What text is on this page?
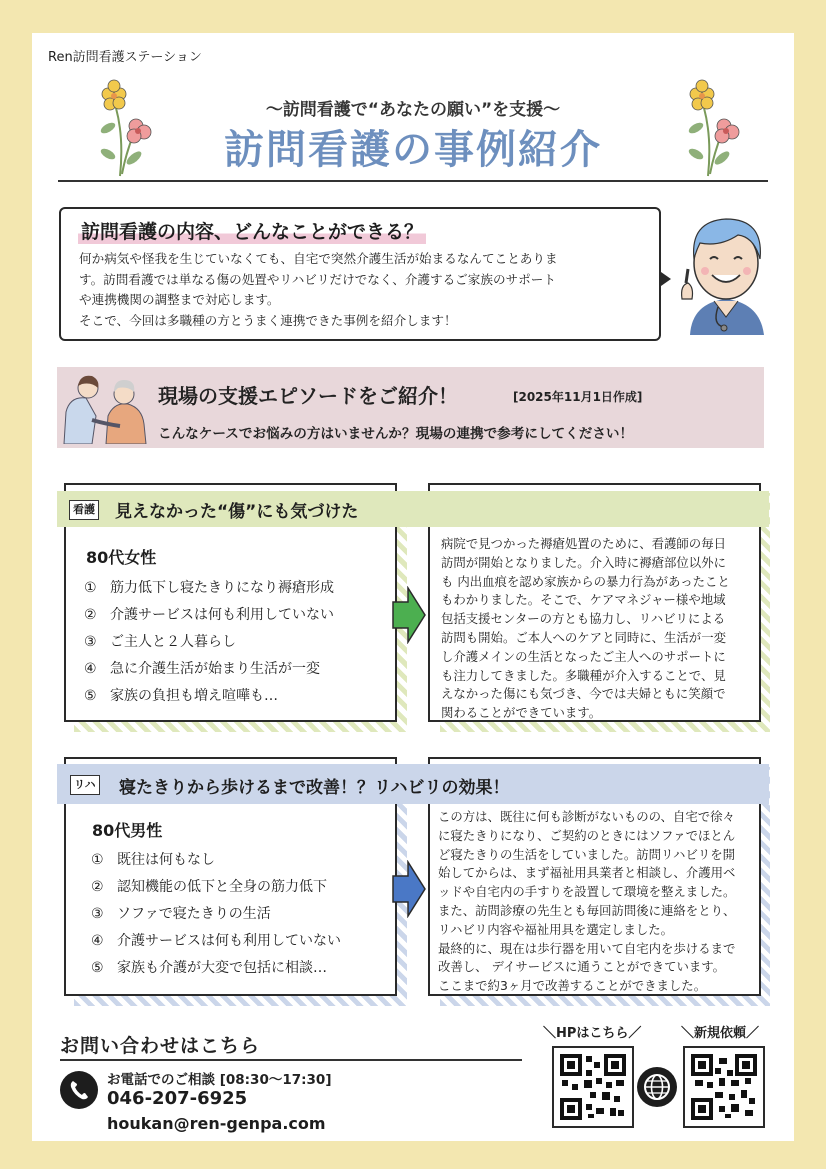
Ren訪問看護ステーション
〜訪問看護で“あなたの願い”を支援〜
訪問看護の事例紹介
訪問看護の内容、どんなことができる？
何か病気や怪我を生じていなくても、自宅で突然介護生活が始まるなんてことありま
す。訪問看護では単なる傷の処置やリハビリだけでなく、介護するご家族のサポート
や連携機関の調整まで対応します。
そこで、今回は多職種の方とうまく連携できた事例を紹介します！
現場の支援エピソードをご紹介！	[2025年11月1日作成]
こんなケースでお悩みの方はいませんか？現場の連携で参考にしてください！
看護 見えなかった“傷”にも気づけた
80代女性
① 筋力低下し寝たきりになり褥瘡形成
② 介護サービスは何も利用していない
③ ご主人と２人暮らし
④ 急に介護生活が始まり生活が一変
⑤ 家族の負担も増え喧嘩も…
病院で見つかった褥瘡処置のために、看護師の毎日
訪問が開始となりました。介入時に褥瘡部位以外に
も 内出血痕を認め家族からの暴力行為があったこと
もわかりました。そこで、ケアマネジャー様や地域
包括支援センターの方とも協力し、リハビリによる
訪問も開始。ご本人へのケアと同時に、生活が一変
し介護メインの生活となったご主人へのサポートに
も注力してきました。多職種が介入することで、見
えなかった傷にも気づき、今では夫婦ともに笑顔で
関わることができています。
リハ 寝たきりから歩けるまで改善！？リハビリの効果！
80代男性
① 既往は何もなし
② 認知機能の低下と全身の筋力低下
③ ソファで寝たきりの生活
④ 介護サービスは何も利用していない
⑤ 家族も介護が大変で包括に相談…
この方は、既往に何も診断がないものの、自宅で徐々
に寝たきりになり、ご契約のときにはソファでほとん
ど寝たきりの生活をしていました。訪問リハビリを開
始してからは、まず福祉用具業者と相談し、介護用ベ
ッドや自宅内の手すりを設置して環境を整えました。
また、訪問診療の先生とも毎回訪問後に連絡をとり、
リハビリ内容や福祉用具を選定しました。
最終的に、現在は歩行器を用いて自宅内を歩けるまで
改善し、 デイサービスに通うことができています。
ここまで約3ヶ月で改善することができました。
お問い合わせはこちら
お電話でのご相談 [08:30〜17:30]
046-207-6925
houkan@ren-genpa.com
＼HPはこちら／	＼新規依頼／
